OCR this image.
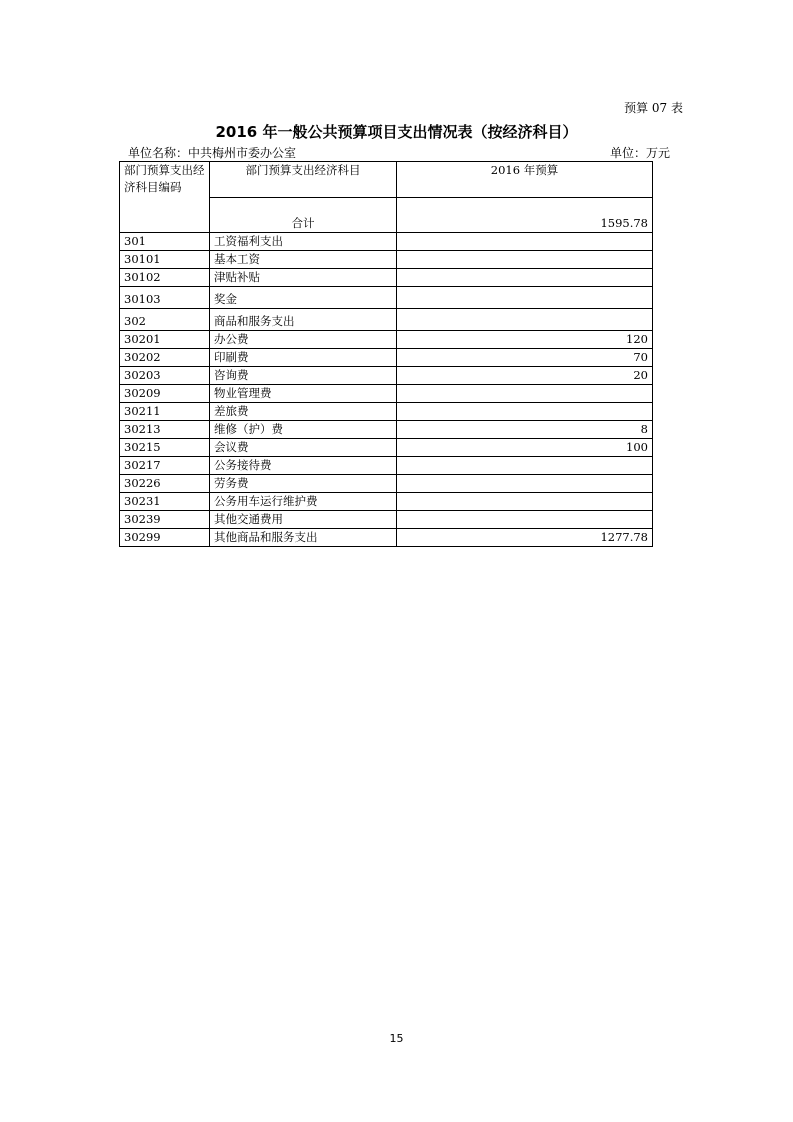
预算 07 表
2016 年一般公共预算项目支出情况表（按经济科目）
单位名称：中共梅州市委办公室	单位：万元
部门预算支出经济科目编码	部门预算支出经济科目	2016 年预算
	合计	1595.78
301	工资福利支出	
30101	基本工资	
30102	津贴补贴	
30103	奖金	
302	商品和服务支出	
30201	办公费	120
30202	印刷费	70
30203	咨询费	20
30209	物业管理费	
30211	差旅费	
30213	维修（护）费	8
30215	会议费	100
30217	公务接待费	
30226	劳务费	
30231	公务用车运行维护费	
30239	其他交通费用	
30299	其他商品和服务支出	1277.78
15
